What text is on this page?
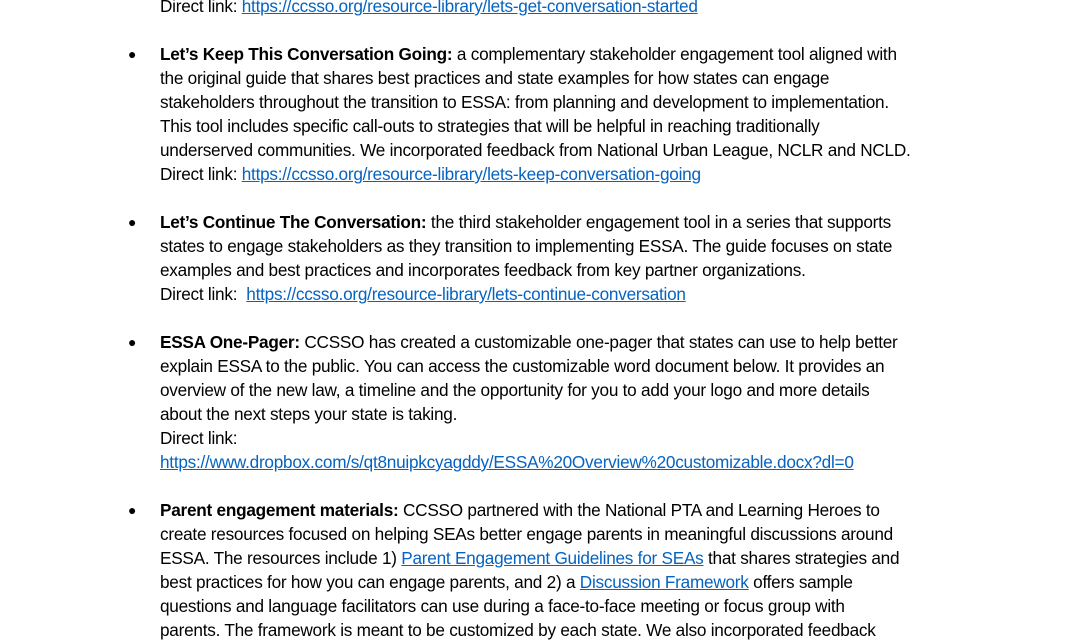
Direct link: https://ccsso.org/resource-library/lets-get-conversation-started
● Let’s Keep This Conversation Going: a complementary stakeholder engagement tool aligned with
the original guide that shares best practices and state examples for how states can engage
stakeholders throughout the transition to ESSA: from planning and development to implementation.
This tool includes specific call-outs to strategies that will be helpful in reaching traditionally
underserved communities. We incorporated feedback from National Urban League, NCLR and NCLD.
Direct link: https://ccsso.org/resource-library/lets-keep-conversation-going
● Let’s Continue The Conversation: the third stakeholder engagement tool in a series that supports
states to engage stakeholders as they transition to implementing ESSA. The guide focuses on state
examples and best practices and incorporates feedback from key partner organizations.
Direct link:  https://ccsso.org/resource-library/lets-continue-conversation
● ESSA One-Pager: CCSSO has created a customizable one-pager that states can use to help better
explain ESSA to the public. You can access the customizable word document below. It provides an
overview of the new law, a timeline and the opportunity for you to add your logo and more details
about the next steps your state is taking.
Direct link:
https://www.dropbox.com/s/qt8nuipkcyagddy/ESSA%20Overview%20customizable.docx?dl=0
● Parent engagement materials: CCSSO partnered with the National PTA and Learning Heroes to
create resources focused on helping SEAs better engage parents in meaningful discussions around
ESSA. The resources include 1) Parent Engagement Guidelines for SEAs that shares strategies and
best practices for how you can engage parents, and 2) a Discussion Framework offers sample
questions and language facilitators can use during a face-to-face meeting or focus group with
parents. The framework is meant to be customized by each state. We also incorporated feedback
